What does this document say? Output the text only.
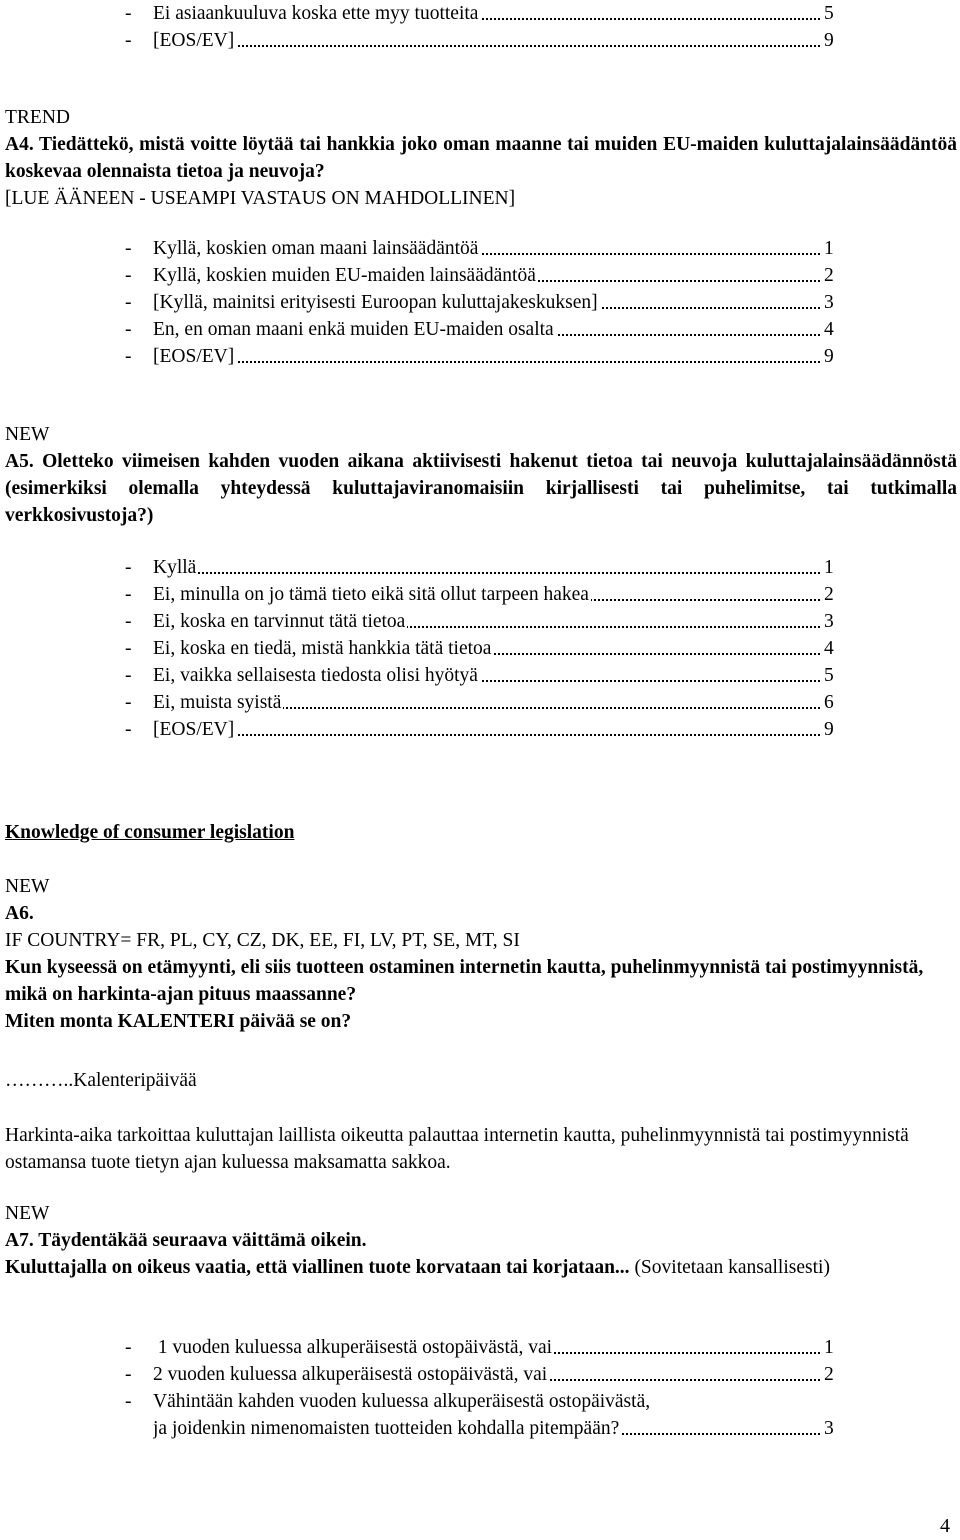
- Ei asiaankuuluva koska ette myy tuotteita	5
- [EOS/EV]	9

TREND

A4. Tiedättekö, mistä voitte löytää tai hankkia joko oman maanne tai muiden EU-maiden kuluttajalainsäädäntöä koskevaa olennaista tietoa ja neuvoja?

[LUE ÄÄNEEN - USEAMPI VASTAUS ON MAHDOLLINEN]

- Kyllä, koskien oman maani lainsäädäntöä	1
- Kyllä, koskien muiden EU-maiden lainsäädäntöä	2
- [Kyllä, mainitsi erityisesti Euroopan kuluttajakeskuksen]	3
- En, en oman maani enkä muiden EU-maiden osalta	4
- [EOS/EV]	9

NEW

A5. Oletteko viimeisen kahden vuoden aikana aktiivisesti hakenut tietoa tai neuvoja kuluttajalainsäädännöstä (esimerkiksi olemalla yhteydessä kuluttajaviranomaisiin kirjallisesti tai puhelimitse, tai tutkimalla verkkosivustoja?)

- Kyllä	1
- Ei, minulla on jo tämä tieto eikä sitä ollut tarpeen hakea	2
- Ei, koska en tarvinnut tätä tietoa	3
- Ei, koska en tiedä, mistä hankkia tätä tietoa	4
- Ei, vaikka sellaisesta tiedosta olisi hyötyä	5
- Ei, muista syistä	6
- [EOS/EV]	9

Knowledge of consumer legislation

NEW

A6.

IF COUNTRY= FR, PL, CY, CZ, DK, EE, FI, LV, PT, SE, MT, SI

Kun kyseessä on etämyynti, eli siis tuotteen ostaminen internetin kautta, puhelinmyynnistä tai postimyynnistä, mikä on harkinta-ajan pituus maassanne?

Miten monta KALENTERI päivää se on?

………..Kalenteripäivää

Harkinta-aika tarkoittaa kuluttajan laillista oikeutta palauttaa internetin kautta, puhelinmyynnistä tai postimyynnistä ostamansa tuote tietyn ajan kuluessa maksamatta sakkoa.

NEW

A7. Täydentäkää seuraava väittämä oikein.

Kuluttajalla on oikeus vaatia, että viallinen tuote korvataan tai korjataan... (Sovitetaan kansallisesti)

- 1 vuoden kuluessa alkuperäisestä ostopäivästä, vai	1
- 2 vuoden kuluessa alkuperäisestä ostopäivästä, vai	2
- Vähintään kahden vuoden kuluessa alkuperäisestä ostopäivästä,
ja joidenkin nimenomaisten tuotteiden kohdalla pitempään?	3
4
